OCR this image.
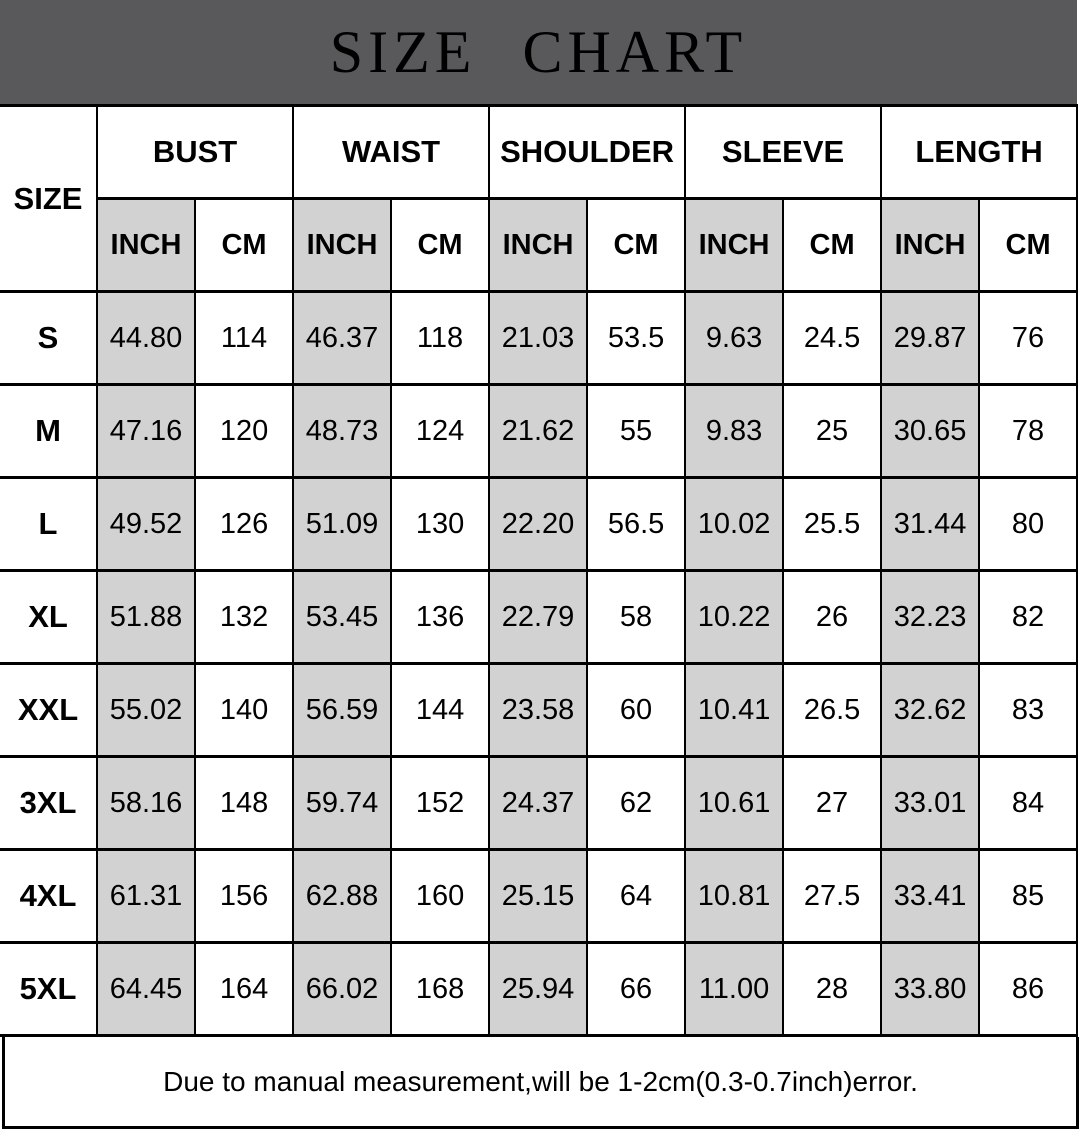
SIZE CHART
SIZE	BUST		WAIST		SHOULDER		SLEEVE		LENGTH	
	INCH	CM	INCH	CM	INCH	CM	INCH	CM	INCH	CM
S	44.80	114	46.37	118	21.03	53.5	9.63	24.5	29.87	76
M	47.16	120	48.73	124	21.62	55	9.83	25	30.65	78
L	49.52	126	51.09	130	22.20	56.5	10.02	25.5	31.44	80
XL	51.88	132	53.45	136	22.79	58	10.22	26	32.23	82
XXL	55.02	140	56.59	144	23.58	60	10.41	26.5	32.62	83
3XL	58.16	148	59.74	152	24.37	62	10.61	27	33.01	84
4XL	61.31	156	62.88	160	25.15	64	10.81	27.5	33.41	85
5XL	64.45	164	66.02	168	25.94	66	11.00	28	33.80	86
Due to manual measurement,will be 1-2cm(0.3-0.7inch)error.
